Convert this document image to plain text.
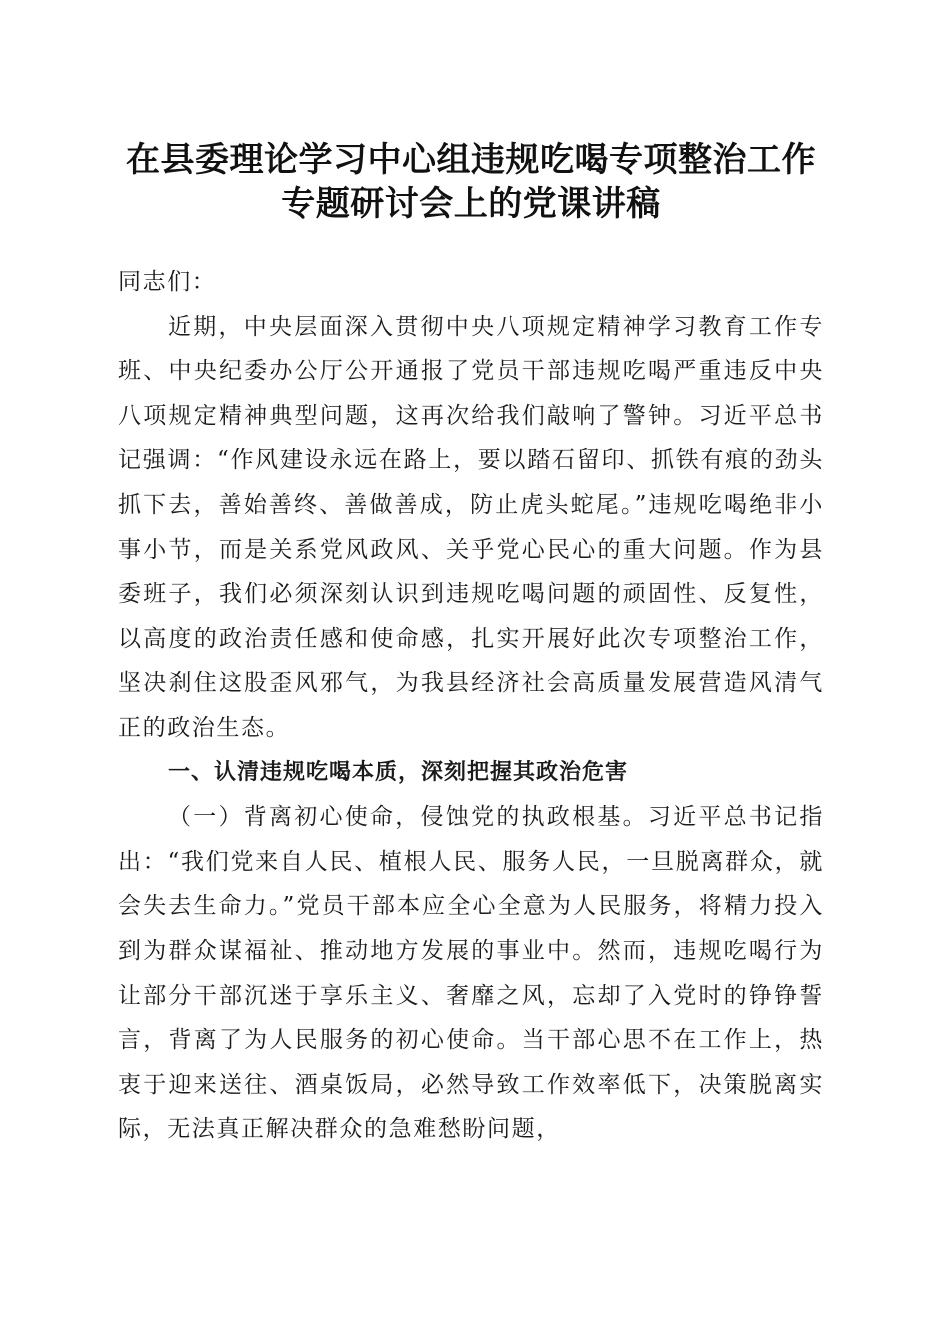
在县委理论学习中心组违规吃喝专项整治工作
专题研讨会上的党课讲稿

同志们：

近期，中央层面深入贯彻中央八项规定精神学习教育工作专班、中央纪委办公厅公开通报了党员干部违规吃喝严重违反中央八项规定精神典型问题，这再次给我们敲响了警钟。习近平总书记强调：“作风建设永远在路上，要以踏石留印、抓铁有痕的劲头抓下去，善始善终、善做善成，防止虎头蛇尾。”违规吃喝绝非小事小节，而是关系党风政风、关乎党心民心的重大问题。作为县委班子，我们必须深刻认识到违规吃喝问题的顽固性、反复性，以高度的政治责任感和使命感，扎实开展好此次专项整治工作，坚决刹住这股歪风邪气，为我县经济社会高质量发展营造风清气正的政治生态。

一、认清违规吃喝本质，深刻把握其政治危害

（一）背离初心使命，侵蚀党的执政根基。习近平总书记指出：“我们党来自人民、植根人民、服务人民，一旦脱离群众，就会失去生命力。”党员干部本应全心全意为人民服务，将精力投入到为群众谋福祉、推动地方发展的事业中。然而，违规吃喝行为让部分干部沉迷于享乐主义、奢靡之风，忘却了入党时的铮铮誓言，背离了为人民服务的初心使命。当干部心思不在工作上，热衷于迎来送往、酒桌饭局，必然导致工作效率低下，决策脱离实际，无法真正解决群众的急难愁盼问题，
